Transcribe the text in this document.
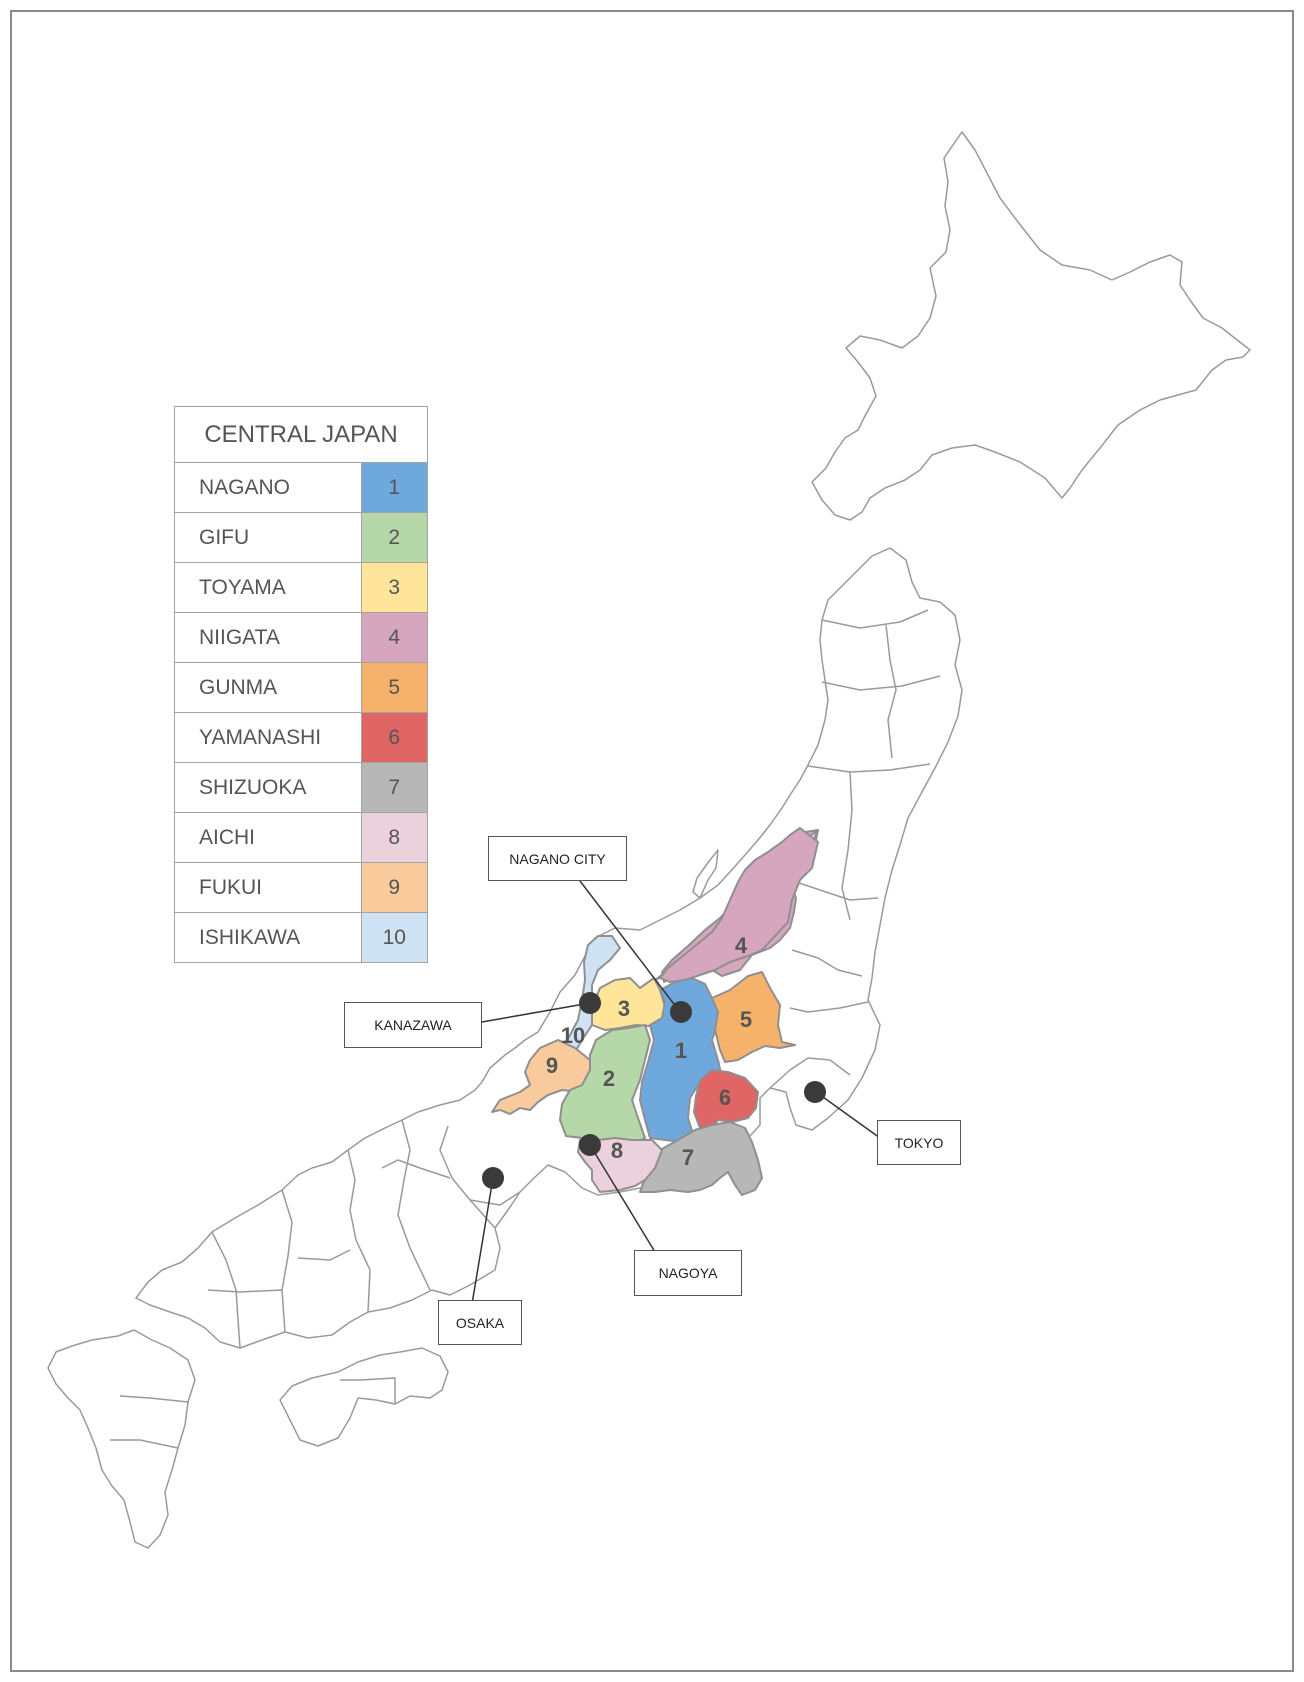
1
2
3
4
5
6
7
8
9
10
CENTRAL JAPAN	
NAGANO	1
GIFU	2
TOYAMA	3
NIIGATA	4
GUNMA	5
YAMANASHI	6
SHIZUOKA	7
AICHI	8
FUKUI	9
ISHIKAWA	10
NAGANO CITY
KANAZAWA
TOKYO
NAGOYA
OSAKA
